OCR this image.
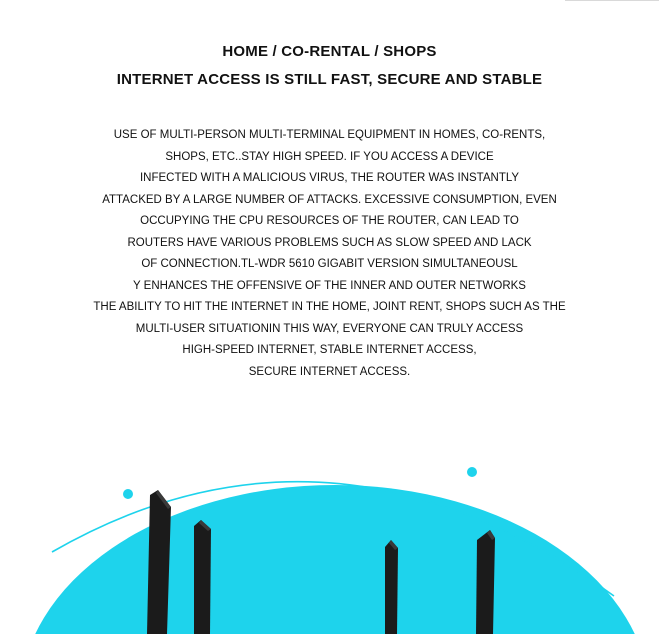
HOME / CO-RENTAL / SHOPS
INTERNET ACCESS IS STILL FAST, SECURE AND STABLE
USE OF MULTI-PERSON MULTI-TERMINAL EQUIPMENT IN HOMES, CO-RENTS,
SHOPS, ETC..STAY HIGH SPEED. IF YOU ACCESS A DEVICE
INFECTED WITH A MALICIOUS VIRUS, THE ROUTER WAS INSTANTLY
ATTACKED BY A LARGE NUMBER OF ATTACKS. EXCESSIVE CONSUMPTION, EVEN
OCCUPYING THE CPU RESOURCES OF THE ROUTER, CAN LEAD TO
ROUTERS HAVE VARIOUS PROBLEMS SUCH AS SLOW SPEED AND LACK
OF CONNECTION.TL-WDR 5610 GIGABIT VERSION SIMULTANEOUSL
Y ENHANCES THE OFFENSIVE OF THE INNER AND OUTER NETWORKS
THE ABILITY TO HIT THE INTERNET IN THE HOME, JOINT RENT, SHOPS SUCH AS THE
MULTI-USER SITUATIONIN THIS WAY, EVERYONE CAN TRULY ACCESS
HIGH-SPEED INTERNET, STABLE INTERNET ACCESS,
SECURE INTERNET ACCESS.
